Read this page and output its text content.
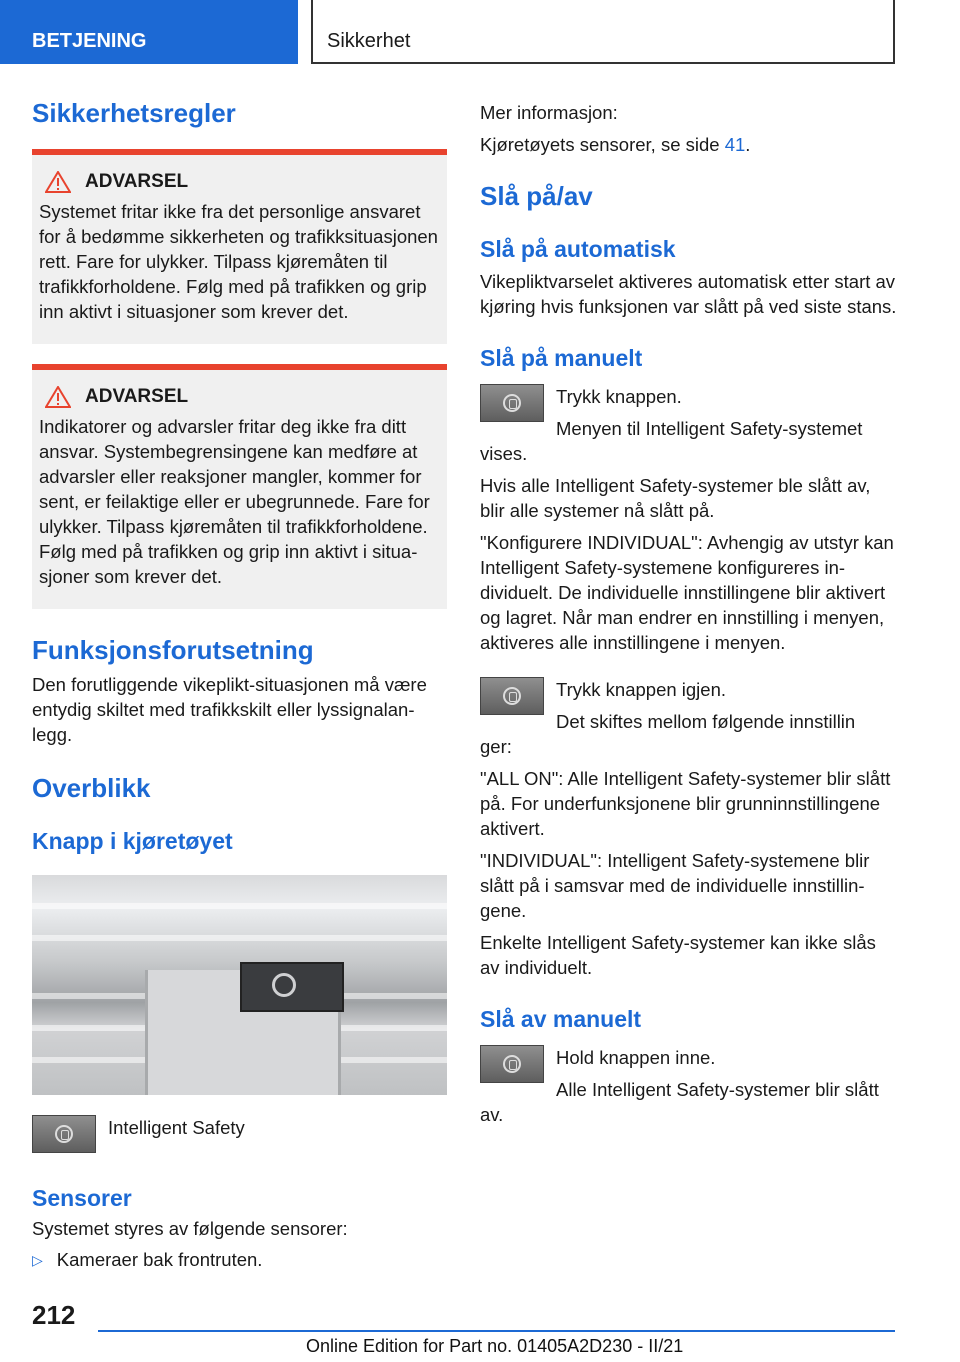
BETJENING	Sikkerhet
Sikkerhetsregler
ADVARSEL

Systemet fritar ikke fra det personlige ansvaret for å bedømme sikkerheten og trafikksituasjonen rett. Fare for ulykker. Tilpass kjøremåten til trafikkforholdene. Følg med på trafikken og grip inn aktivt i situasjoner som krever det.

ADVARSEL

Indikatorer og advarsler fritar deg ikke fra ditt ansvar. Systembegrensingene kan medføre at advarsler eller reaksjoner mangler, kommer for sent, er feilaktige eller er ubegrunnede. Fare for ulykker. Tilpass kjøremåten til trafikkforholdene. Følg med på trafikken og grip inn aktivt i situasjoner som krever det.

Funksjonsforutsetning

Den forutliggende vikeplikt-situasjonen må være entydig skiltet med trafikkskilt eller lyssignalanlegg.

Overblikk
Knapp i kjøretøyet

Intelligent Safety

Sensorer

Systemet styres av følgende sensorer:

▷ Kameraer bak frontruten.

Mer informasjon:

Kjøretøyets sensorer, se side 41.

Slå på/av
Slå på automatisk

Vikepliktvarselet aktiveres automatisk etter start av kjøring hvis funksjonen var slått på ved siste stans.

Slå på manuelt

Trykk knappen.

Menyen til Intelligent Safety-systemet

vises.

Hvis alle Intelligent Safety-systemer ble slått av, blir alle systemer nå slått på.

"Konfigurere INDIVIDUAL": Avhengig av utstyr kan Intelligent Safety-systemene konfigureres individuelt. De individuelle innstillingene blir aktivert og lagret. Når man endrer en innstilling i menyen, aktiveres alle innstillingene i menyen.

Trykk knappen igjen.

Det skiftes mellom følgende innstillin

ger:

"ALL ON": Alle Intelligent Safety-systemer blir slått på. For underfunksjonene blir grunninnstillingene aktivert.

"INDIVIDUAL": Intelligent Safety-systemene blir slått på i samsvar med de individuelle innstillingene.

Enkelte Intelligent Safety-systemer kan ikke slås av individuelt.

Slå av manuelt

Hold knappen inne.

Alle Intelligent Safety-systemer blir slått

av.

212
Online Edition for Part no. 01405A2D230 - II/21
